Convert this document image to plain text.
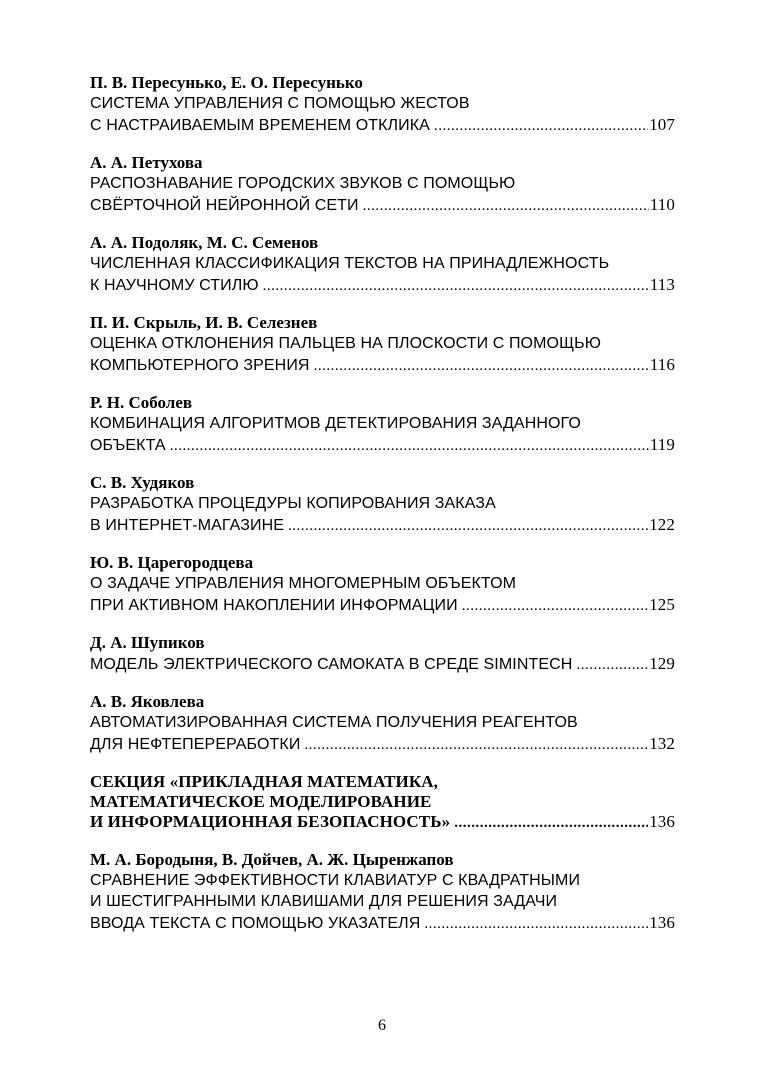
П. В. Пересунько, Е. О. Пересунько
СИСТЕМА УПРАВЛЕНИЯ С ПОМОЩЬЮ ЖЕСТОВ
С НАСТРАИВАЕМЫМ ВРЕМЕНЕМ ОТКЛИКА .....	107
А. А. Петухова
РАСПОЗНАВАНИЕ ГОРОДСКИХ ЗВУКОВ С ПОМОЩЬЮ
СВЁРТОЧНОЙ НЕЙРОННОЙ СЕТИ .....	110
А. А. Подоляк, М. С. Семенов
ЧИСЛЕННАЯ КЛАССИФИКАЦИЯ ТЕКСТОВ НА ПРИНАДЛЕЖНОСТЬ
К НАУЧНОМУ СТИЛЮ .....	113
П. И. Скрыль, И. В. Селезнев
ОЦЕНКА ОТКЛОНЕНИЯ ПАЛЬЦЕВ НА ПЛОСКОСТИ С ПОМОЩЬЮ
КОМПЬЮТЕРНОГО ЗРЕНИЯ .....	116
Р. Н. Соболев
КОМБИНАЦИЯ АЛГОРИТМОВ ДЕТЕКТИРОВАНИЯ ЗАДАННОГО
ОБЪЕКТА .....	119
С. В. Худяков
РАЗРАБОТКА ПРОЦЕДУРЫ КОПИРОВАНИЯ ЗАКАЗА
В ИНТЕРНЕТ-МАГАЗИНЕ .....	122
Ю. В. Царегородцева
О ЗАДАЧЕ УПРАВЛЕНИЯ МНОГОМЕРНЫМ ОБЪЕКТОМ
ПРИ АКТИВНОМ НАКОПЛЕНИИ ИНФОРМАЦИИ .....	125
Д. А. Шупиков
МОДЕЛЬ ЭЛЕКТРИЧЕСКОГО САМОКАТА В СРЕДЕ SIMINTECH .....	129
А. В. Яковлева
АВТОМАТИЗИРОВАННАЯ СИСТЕМА ПОЛУЧЕНИЯ РЕАГЕНТОВ
ДЛЯ НЕФТЕПЕРЕРАБОТКИ .....	132
СЕКЦИЯ «ПРИКЛАДНАЯ МАТЕМАТИКА,
МАТЕМАТИЧЕСКОЕ МОДЕЛИРОВАНИЕ
И ИНФОРМАЦИОННАЯ БЕЗОПАСНОСТЬ» .....	136
М. А. Бородыня, В. Дойчев, А. Ж. Цыренжапов
СРАВНЕНИЕ ЭФФЕКТИВНОСТИ КЛАВИАТУР С КВАДРАТНЫМИ
И ШЕСТИГРАННЫМИ КЛАВИШАМИ ДЛЯ РЕШЕНИЯ ЗАДАЧИ
ВВОДА ТЕКСТА С ПОМОЩЬЮ УКАЗАТЕЛЯ .....	136
6
